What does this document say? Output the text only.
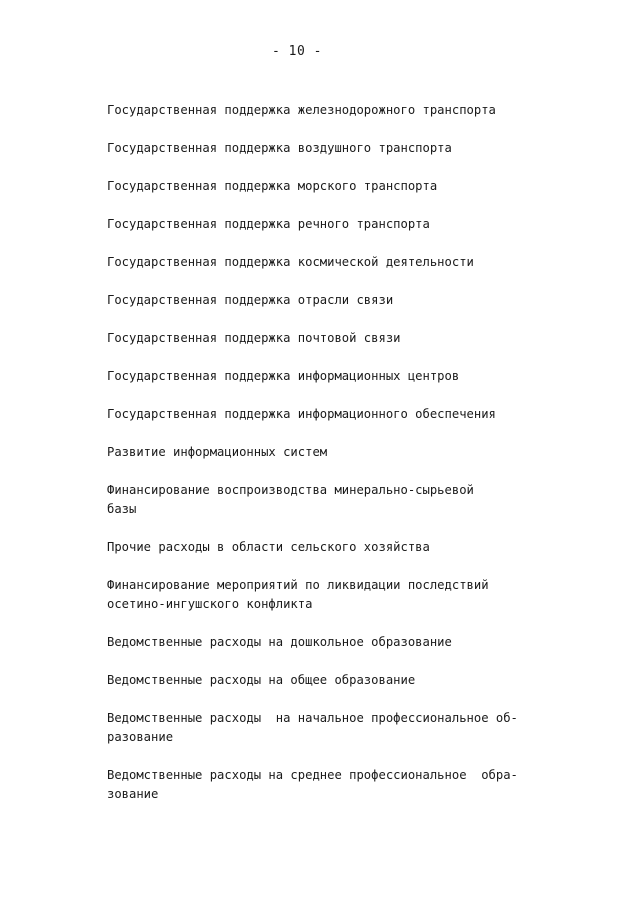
- 10 -
Государственная поддержка железнодорожного транспорта
Государственная поддержка воздушного транспорта
Государственная поддержка морского транспорта
Государственная поддержка речного транспорта
Государственная поддержка космической деятельности
Государственная поддержка отрасли связи
Государственная поддержка почтовой связи
Государственная поддержка информационных центров
Государственная поддержка информационного обеспечения
Развитие информационных систем
Финансирование воспроизводства минерально-сырьевой
базы
Прочие расходы в области сельского хозяйства
Финансирование мероприятий по ликвидации последствий
осетино-ингушского конфликта
Ведомственные расходы на дошкольное образование
Ведомственные расходы на общее образование
Ведомственные расходы  на начальное профессиональное об-
разование
Ведомственные расходы на среднее профессиональное  обра-
зование
